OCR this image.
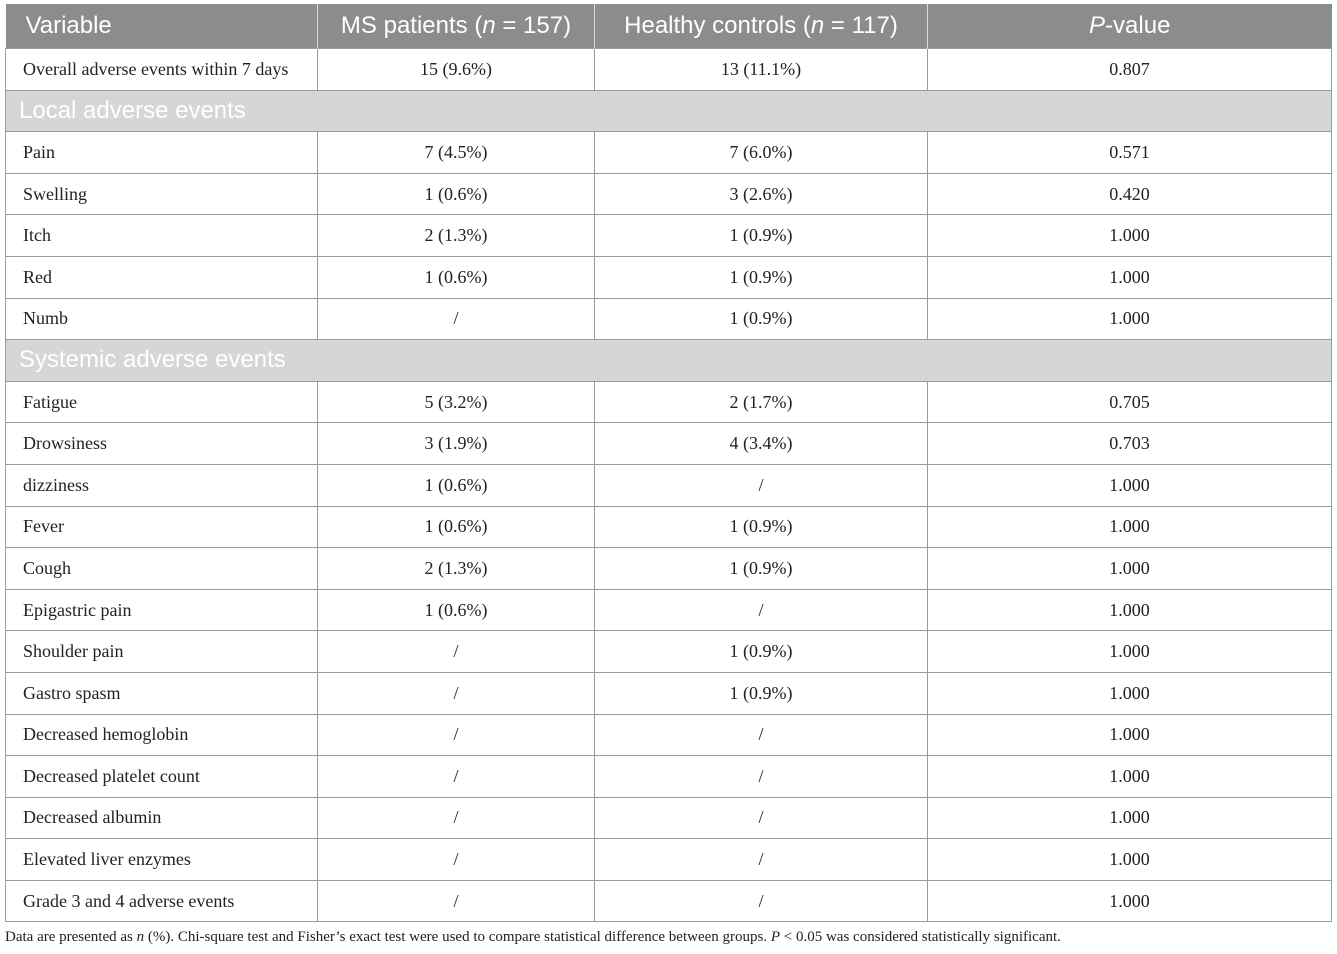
Variable	MS patients (n = 157)	Healthy controls (n = 117)	P-value
Overall adverse events within 7 days	15 (9.6%)	13 (11.1%)	0.807
Local adverse events			
Pain	7 (4.5%)	7 (6.0%)	0.571
Swelling	1 (0.6%)	3 (2.6%)	0.420
Itch	2 (1.3%)	1 (0.9%)	1.000
Red	1 (0.6%)	1 (0.9%)	1.000
Numb	/	1 (0.9%)	1.000
Systemic adverse events			
Fatigue	5 (3.2%)	2 (1.7%)	0.705
Drowsiness	3 (1.9%)	4 (3.4%)	0.703
dizziness	1 (0.6%)	/	1.000
Fever	1 (0.6%)	1 (0.9%)	1.000
Cough	2 (1.3%)	1 (0.9%)	1.000
Epigastric pain	1 (0.6%)	/	1.000
Shoulder pain	/	1 (0.9%)	1.000
Gastro spasm	/	1 (0.9%)	1.000
Decreased hemoglobin	/	/	1.000
Decreased platelet count	/	/	1.000
Decreased albumin	/	/	1.000
Elevated liver enzymes	/	/	1.000
Grade 3 and 4 adverse events	/	/	1.000
Data are presented as n (%). Chi-square test and Fisher’s exact test were used to compare statistical difference between groups. P < 0.05 was considered statistically significant.
